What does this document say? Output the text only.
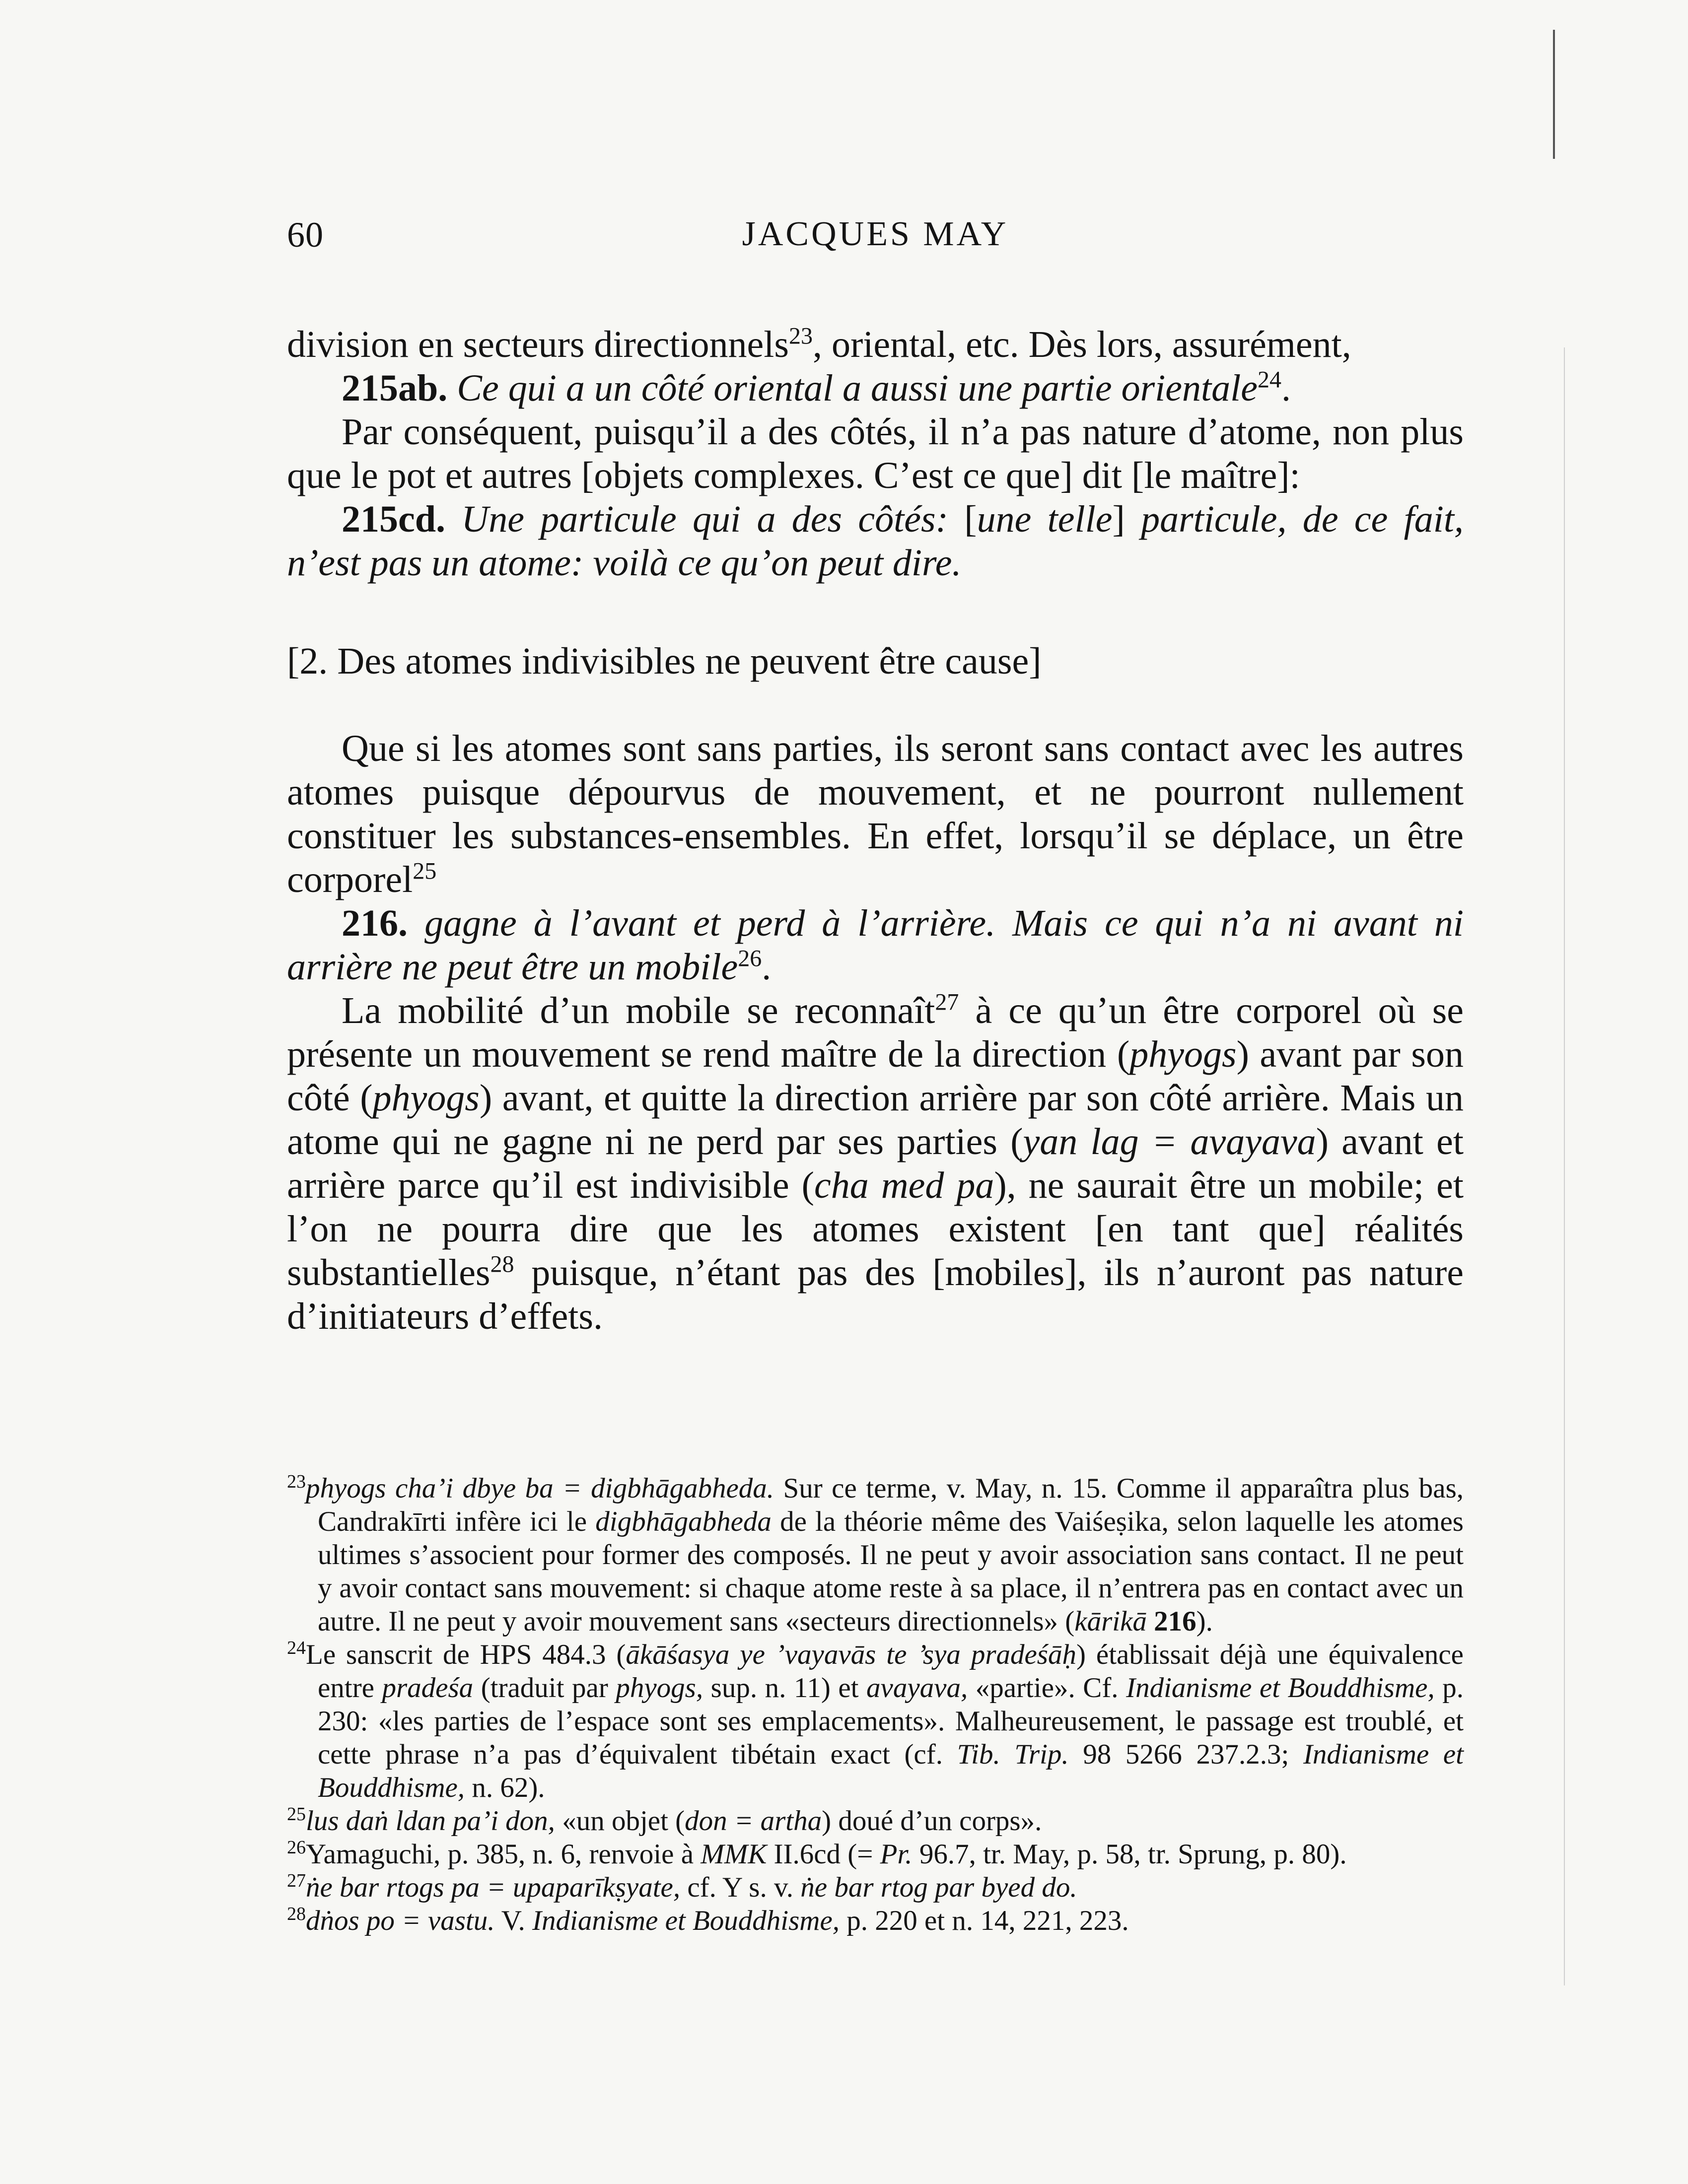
60	JACQUES MAY

division en secteurs directionnels$^{23}$, oriental, etc. Dès lors, assurément,

215ab. Ce qui a un côté oriental a aussi une partie orientale$^{24}$.

Par conséquent, puisqu’il a des côtés, il n’a pas nature d’atome, non plus que le pot et autres [objets complexes. C’est ce que] dit [le maître]:

215cd. Une particule qui a des côtés: [une telle] particule, de ce fait, n’est pas un atome: voilà ce qu’on peut dire.

[2. Des atomes indivisibles ne peuvent être cause]

Que si les atomes sont sans parties, ils seront sans contact avec les autres atomes puisque dépourvus de mouvement, et ne pourront nullement constituer les substances-ensembles. En effet, lorsqu’il se déplace, un être corporel$^{25}$

216. gagne à l’avant et perd à l’arrière. Mais ce qui n’a ni avant ni arrière ne peut être un mobile$^{26}$.

La mobilité d’un mobile se reconnaît$^{27}$ à ce qu’un être corporel où se présente un mouvement se rend maître de la direction (phyogs) avant par son côté (phyogs) avant, et quitte la direction arrière par son côté arrière. Mais un atome qui ne gagne ni ne perd par ses parties (yan lag = avayava) avant et arrière parce qu’il est indivisible (cha med pa), ne saurait être un mobile; et l’on ne pourra dire que les atomes existent [en tant que] réalités substantielles$^{28}$ puisque, n’étant pas des [mobiles], ils n’auront pas nature d’initiateurs d’effets.

$^{23}$phyogs cha’i dbye ba = digbhāgabheda. Sur ce terme, v. May, n. 15. Comme il apparaîtra plus bas, Candrakīrti infère ici le digbhāgabheda de la théorie même des Vaiśeṣika, selon laquelle les atomes ultimes s’associent pour former des composés. Il ne peut y avoir association sans contact. Il ne peut y avoir contact sans mouvement: si chaque atome reste à sa place, il n’entrera pas en contact avec un autre. Il ne peut y avoir mouvement sans «secteurs directionnels» (kārikā 216).

$^{24}$Le sanscrit de HPS 484.3 (ākāśasya ye ’vayavās te ’sya pradeśāḥ) établissait déjà une équivalence entre pradeśa (traduit par phyogs, sup. n. 11) et avayava, «partie». Cf. Indianisme et Bouddhisme, p. 230: «les parties de l’espace sont ses emplacements». Malheureusement, le passage est troublé, et cette phrase n’a pas d’équivalent tibétain exact (cf. Tib. Trip. 98 5266 237.2.3; Indianisme et Bouddhisme, n. 62).

$^{25}$lus daṅ ldan pa’i don, «un objet (don = artha) doué d’un corps».

$^{26}$Yamaguchi, p. 385, n. 6, renvoie à MMK II.6cd (= Pr. 96.7, tr. May, p. 58, tr. Sprung, p. 80).

$^{27}$ṅe bar rtogs pa = upaparīkṣyate, cf. Y s. v. ṅe bar rtog par byed do.

$^{28}$dṅos po = vastu. V. Indianisme et Bouddhisme, p. 220 et n. 14, 221, 223.
